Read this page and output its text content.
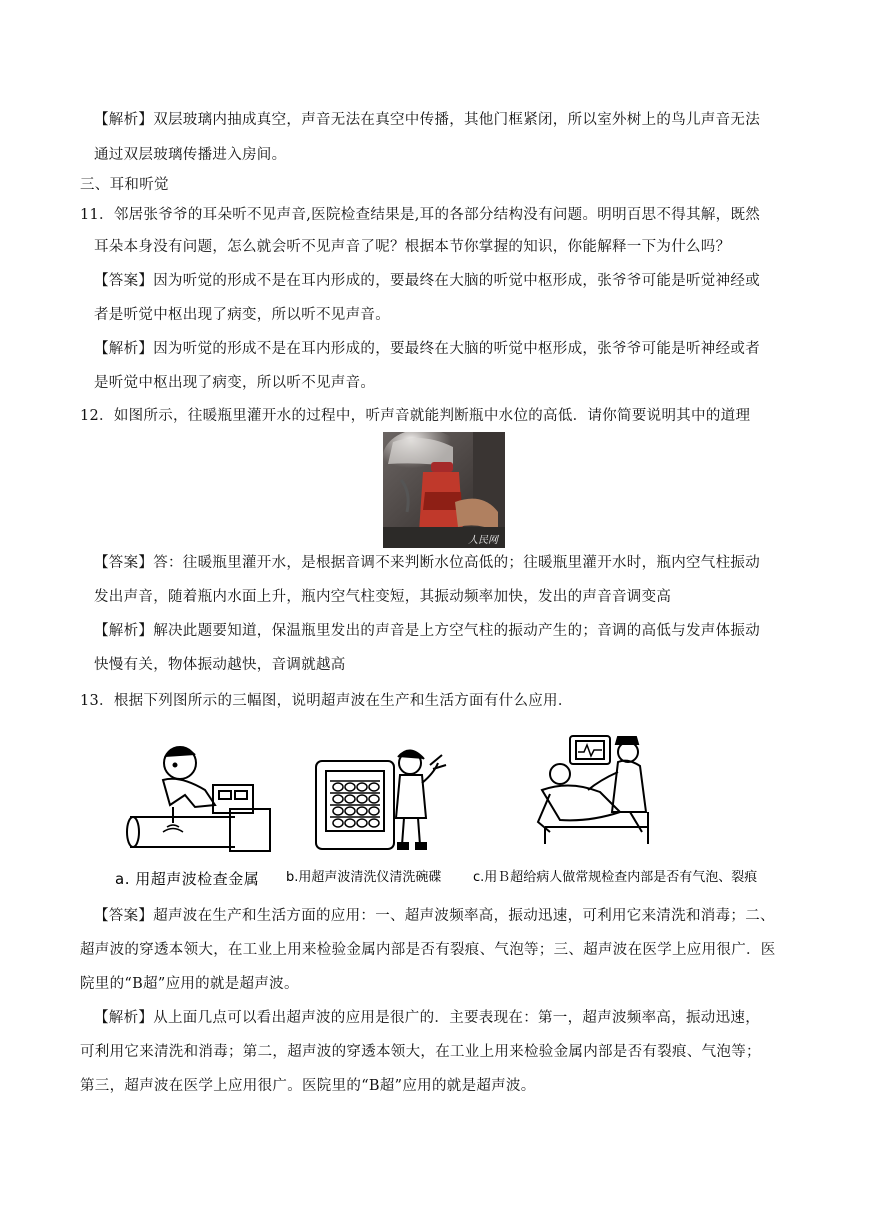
【解析】双层玻璃内抽成真空，声音无法在真空中传播，其他门框紧闭，所以室外树上的鸟儿声音无法
通过双层玻璃传播进入房间。
三、耳和听觉
11．邻居张爷爷的耳朵听不见声音,医院检查结果是,耳的各部分结构没有问题。明明百思不得其解，既然
耳朵本身没有问题，怎么就会听不见声音了呢？根据本节你掌握的知识，你能解释一下为什么吗？
【答案】因为听觉的形成不是在耳内形成的，要最终在大脑的听觉中枢形成，张爷爷可能是听觉神经或
者是听觉中枢出现了病变，所以听不见声音。
【解析】因为听觉的形成不是在耳内形成的，要最终在大脑的听觉中枢形成，张爷爷可能是听神经或者
是听觉中枢出现了病变，所以听不见声音。
12．如图所示，往暖瓶里灌开水的过程中，听声音就能判断瓶中水位的高低．请你简要说明其中的道理
人民网
【答案】答：往暖瓶里灌开水，是根据音调不来判断水位高低的；往暖瓶里灌开水时，瓶内空气柱振动
发出声音，随着瓶内水面上升，瓶内空气柱变短，其振动频率加快，发出的声音音调变高
【解析】解决此题要知道，保温瓶里发出的声音是上方空气柱的振动产生的；音调的高低与发声体振动
快慢有关，物体振动越快，音调就越高
13．根据下列图所示的三幅图，说明超声波在生产和生活方面有什么应用．
a. 用超声波检查金属 b.用超声波清洗仪清洗碗碟 c.用Ｂ超给病人做常规检查内部是否有气泡、裂痕
【答案】超声波在生产和生活方面的应用：一、超声波频率高，振动迅速，可利用它来清洗和消毒；二、
超声波的穿透本领大，在工业上用来检验金属内部是否有裂痕、气泡等；三、超声波在医学上应用很广．医
院里的“B超”应用的就是超声波。
【解析】从上面几点可以看出超声波的应用是很广的．主要表现在：第一，超声波频率高，振动迅速，
可利用它来清洗和消毒；第二，超声波的穿透本领大，在工业上用来检验金属内部是否有裂痕、气泡等；
第三，超声波在医学上应用很广。医院里的“B超”应用的就是超声波。
